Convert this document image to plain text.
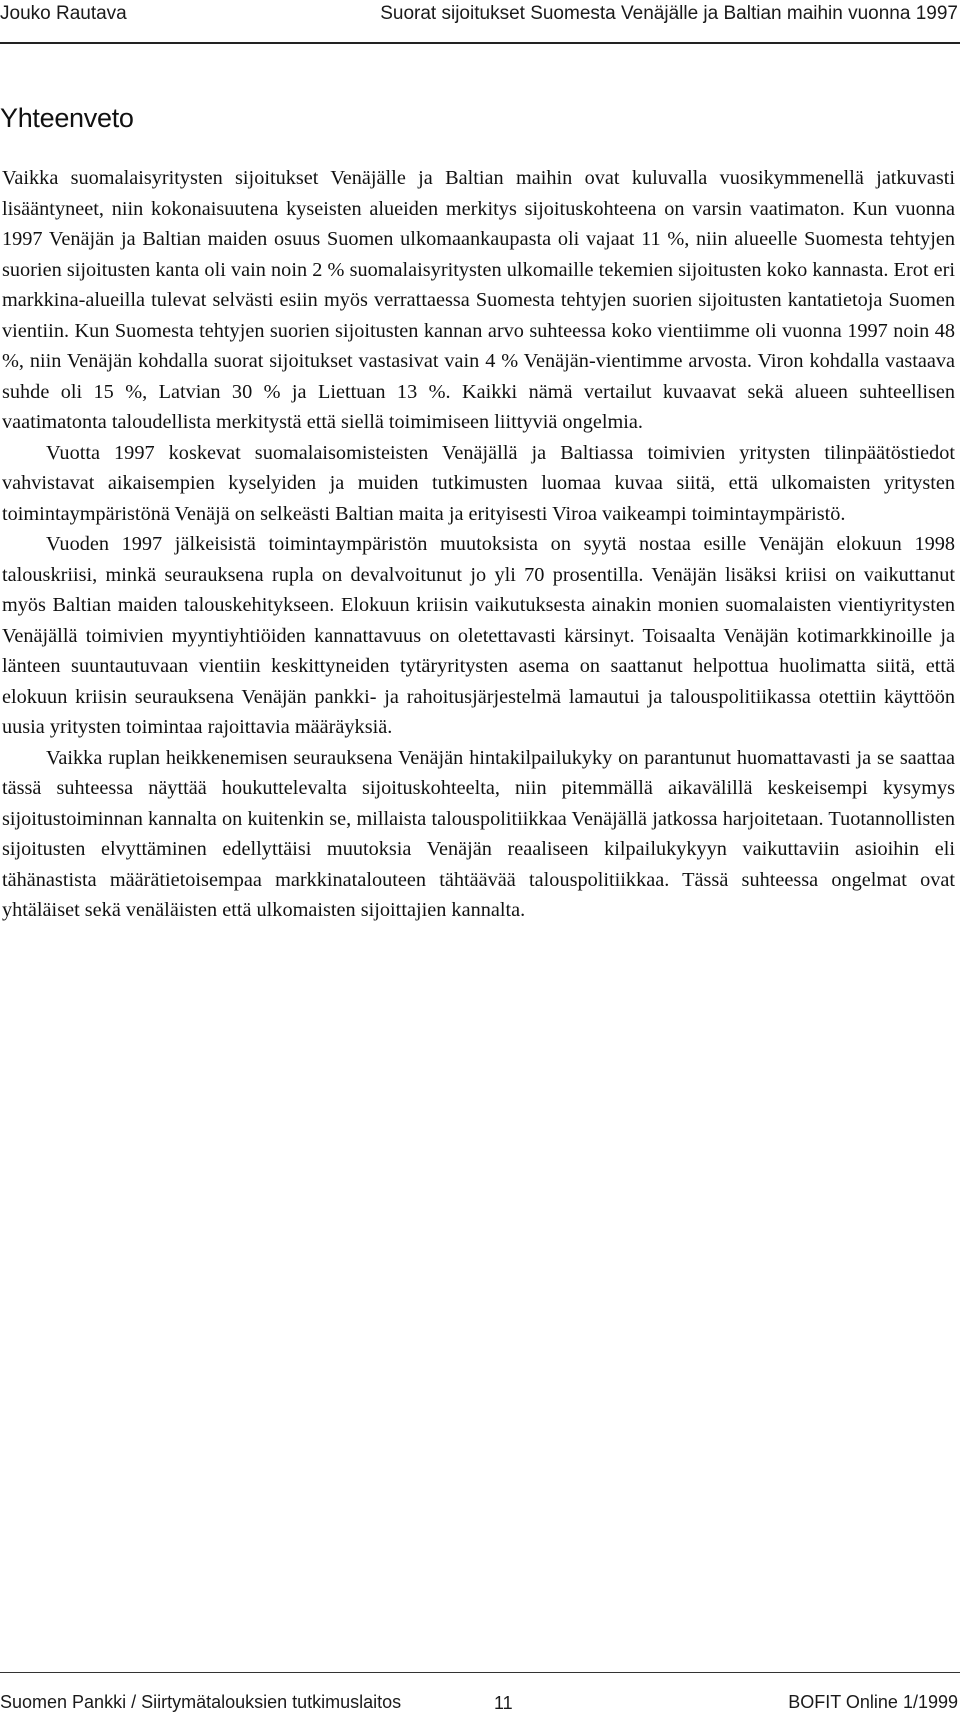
Jouko Rautava	Suorat sijoitukset Suomesta Venäjälle ja Baltian maihin vuonna 1997
Yhteenveto

Vaikka suomalaisyritysten sijoitukset Venäjälle ja Baltian maihin ovat kuluvalla vuosikymmenellä jatkuvasti lisääntyneet, niin kokonaisuutena kyseisten alueiden merkitys sijoituskohteena on varsin vaatimaton. Kun vuonna 1997 Venäjän ja Baltian maiden osuus Suomen ulkomaankaupasta oli vajaat 11 %, niin alueelle Suomesta tehtyjen suorien sijoitusten kanta oli vain noin 2 % suomalaisyritysten ulkomaille tekemien sijoitusten koko kannasta. Erot eri markkina-alueilla tulevat selvästi esiin myös verrattaessa Suomesta tehtyjen suorien sijoitusten kantatietoja Suomen vientiin. Kun Suomesta tehtyjen suorien sijoitusten kannan arvo suhteessa koko vientiimme oli vuonna 1997 noin 48 %, niin Venäjän kohdalla suorat sijoitukset vastasivat vain 4 % Venäjän-vientimme arvosta. Viron kohdalla vastaava suhde oli 15 %, Latvian 30 % ja Liettuan 13 %. Kaikki nämä vertailut kuvaavat sekä alueen suhteellisen vaatimatonta taloudellista merkitystä että siellä toimimiseen liittyviä ongelmia.

Vuotta 1997 koskevat suomalaisomisteisten Venäjällä ja Baltiassa toimivien yritysten tilinpäätöstiedot vahvistavat aikaisempien kyselyiden ja muiden tutkimusten luomaa kuvaa siitä, että ulkomaisten yritysten toimintaympäristönä Venäjä on selkeästi Baltian maita ja erityisesti Viroa vaikeampi toimintaympäristö.

Vuoden 1997 jälkeisistä toimintaympäristön muutoksista on syytä nostaa esille Venäjän elokuun 1998 talouskriisi, minkä seurauksena rupla on devalvoitunut jo yli 70 prosentilla. Venäjän lisäksi kriisi on vaikuttanut myös Baltian maiden talouskehitykseen. Elokuun kriisin vaikutuksesta ainakin monien suomalaisten vientiyritysten Venäjällä toimivien myyntiyhtiöiden kannattavuus on oletettavasti kärsinyt. Toisaalta Venäjän kotimarkkinoille ja länteen suuntautuvaan vientiin keskittyneiden tytäryritysten asema on saattanut helpottua huolimatta siitä, että elokuun kriisin seurauksena Venäjän pankki- ja rahoitusjärjestelmä lamautui ja talouspolitiikassa otettiin käyttöön uusia yritysten toimintaa rajoittavia määräyksiä.

Vaikka ruplan heikkenemisen seurauksena Venäjän hintakilpailukyky on parantunut huomattavasti ja se saattaa tässä suhteessa näyttää houkuttelevalta sijoituskohteelta, niin pitemmällä aikavälillä keskeisempi kysymys sijoitustoiminnan kannalta on kuitenkin se, millaista talouspolitiikkaa Venäjällä jatkossa harjoitetaan. Tuotannollisten sijoitusten elvyttäminen edellyttäisi muutoksia Venäjän reaaliseen kilpailukykyyn vaikuttaviin asioihin eli tähänastista määrätietoisempaa markkinatalouteen tähtäävää talouspolitiikkaa. Tässä suhteessa ongelmat ovat yhtäläiset sekä venäläisten että ulkomaisten sijoittajien kannalta.

Suomen Pankki / Siirtymätalouksien tutkimuslaitos	11	BOFIT Online 1/1999
